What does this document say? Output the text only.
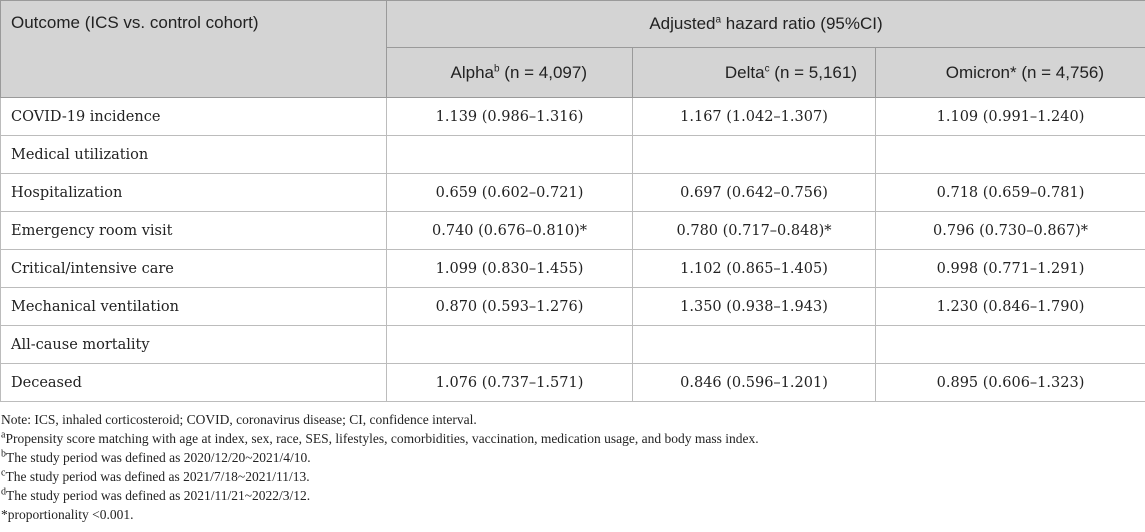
Outcome (ICS vs. control cohort)	Adjusted$^a$ hazard ratio (95%CI)		
	Alpha$^b$ (n = 4,097)	Delta$^c$ (n = 5,161)	Omicron* (n = 4,756)
COVID-19 incidence	1.139 (0.986–1.316)	1.167 (1.042–1.307)	1.109 (0.991–1.240)
Medical utilization			
Hospitalization	0.659 (0.602–0.721)	0.697 (0.642–0.756)	0.718 (0.659–0.781)
Emergency room visit	0.740 (0.676–0.810)*	0.780 (0.717–0.848)*	0.796 (0.730–0.867)*
Critical/intensive care	1.099 (0.830–1.455)	1.102 (0.865–1.405)	0.998 (0.771–1.291)
Mechanical ventilation	0.870 (0.593–1.276)	1.350 (0.938–1.943)	1.230 (0.846–1.790)
All-cause mortality			
Deceased	1.076 (0.737–1.571)	0.846 (0.596–1.201)	0.895 (0.606–1.323)
Note: ICS, inhaled corticosteroid; COVID, coronavirus disease; CI, confidence interval.
$^a$Propensity score matching with age at index, sex, race, SES, lifestyles, comorbidities, vaccination, medication usage, and body mass index.
$^b$The study period was defined as 2020/12/20~2021/4/10.
$^c$The study period was defined as 2021/7/18~2021/11/13.
$^d$The study period was defined as 2021/11/21~2022/3/12.
*proportionality <0.001.
